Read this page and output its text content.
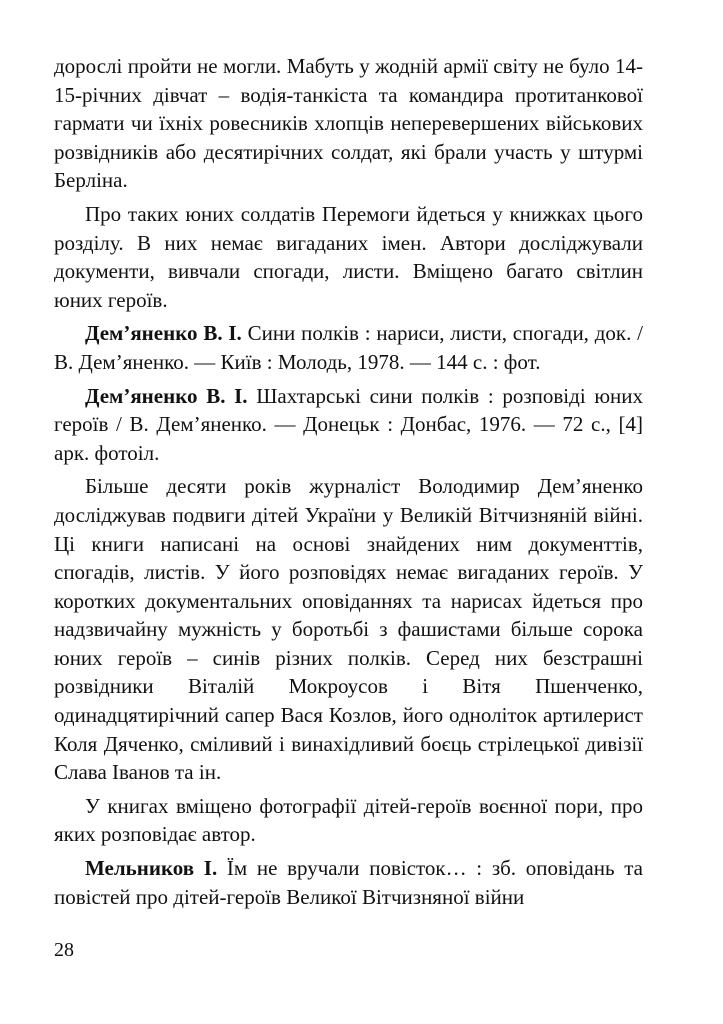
дорослі пройти не могли. Мабуть у жодній армії світу не було 14-15-річних дівчат – водія-танкіста та командира протитанкової гармати чи їхніх ровесників хлопців неперевершених військових розвідників або десятирічних солдат, які брали участь у штурмі Берліна.

Про таких юних солдатів Перемоги йдеться у книжках цього розділу. В них немає вигаданих імен. Автори досліджували документи, вивчали спогади, листи. Вміщено багато світлин юних героїв.

Дем’яненко В. І. Сини полків : нариси, листи, спогади, док. / В. Дем’яненко. — Київ : Молодь, 1978. — 144 с. : фот.

Дем’яненко В. І. Шахтарські сини полків : розповіді юних героїв / В. Дем’яненко. — Донецьк : Донбас, 1976. — 72 с., [4] арк. фотоіл.

Більше десяти років журналіст Володимир Дем’яненко досліджував подвиги дітей України у Великій Вітчизняній війні. Ці книги написані на основі знайдених ним документтів, спогадів, листів. У його розповідях немає вигаданих героїв. У коротких документальних оповіданнях та нарисах йдеться про надзвичайну мужність у боротьбі з фашистами більше сорока юних героїв – синів різних полків. Серед них безстрашні розвідники Віталій Мокроусов і Вітя Пшенченко, одинадцятирічний сапер Вася Козлов, його одноліток артилерист Коля Дяченко, сміливий і винахідливий боєць стрілецької дивізії Слава Іванов та ін.

У книгах вміщено фотографії дітей-героїв воєнної пори, про яких розповідає автор.

Мельников І. Їм не вручали повісток… : зб. оповідань та повістей про дітей-героїв Великої Вітчизняної війни

28
